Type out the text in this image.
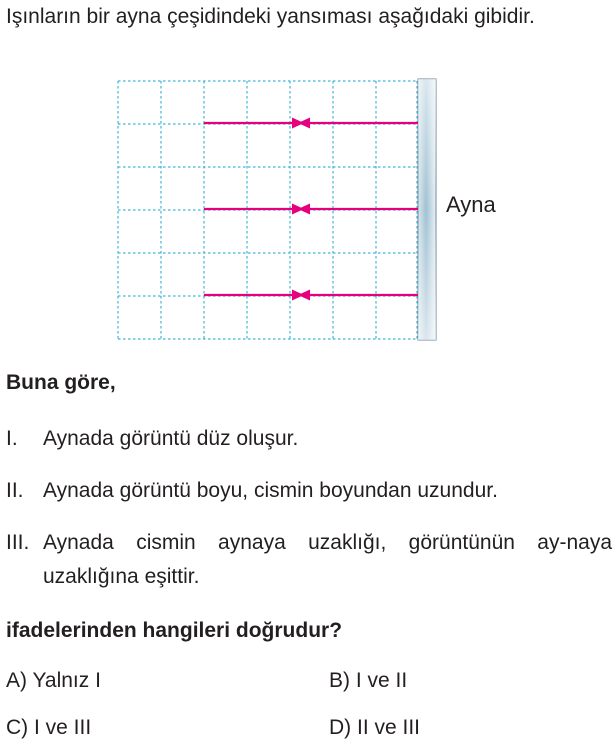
Işınların bir ayna çeşidindeki yansıması aşağıdaki gibidir.
Ayna
Buna göre,
I. Aynada görüntü düz oluşur.
II. Aynada görüntü boyu, cismin boyundan uzundur.
III. Aynada cismin aynaya uzaklığı, görüntünün ay-naya uzaklığına eşittir.
ifadelerinden hangileri doğrudur?
A) Yalnız I	B) I ve II
C) I ve III	D) II ve III
